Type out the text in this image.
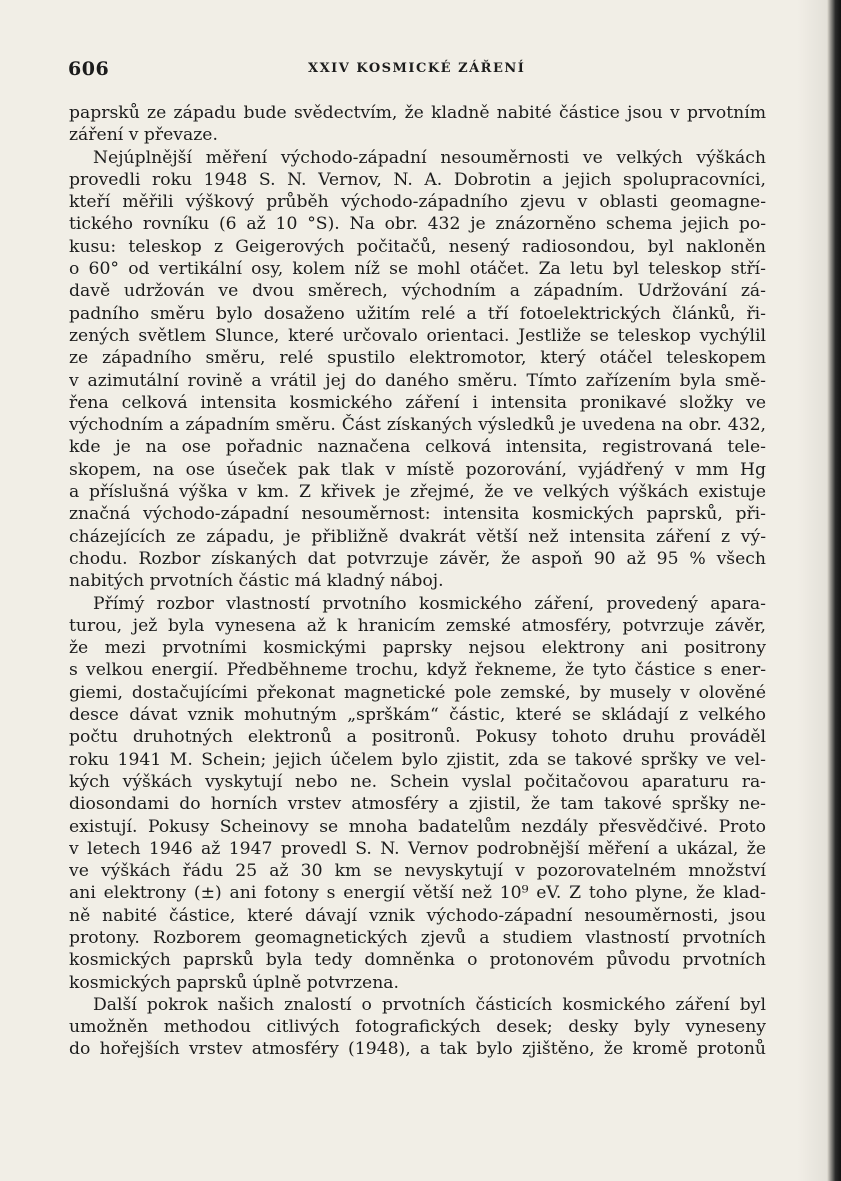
606	XXIV KOSMICKÉ ZÁŘENÍ
paprsků ze západu bude svědectvím, že kladně nabité částice jsou v prvotním
záření v převaze.
Nejúplnější měření východo-západní nesouměrnosti ve velkých výškách
provedli roku 1948 S. N. Vernov, N. A. Dobrotin a jejich spolupracovníci,
kteří měřili výškový průběh východo-západního zjevu v oblasti geomagne-
tického rovníku (6 až 10 °S). Na obr. 432 je znázorněno schema jejich po-
kusu: teleskop z Geigerových počitačů, nesený radiosondou, byl nakloněn
o 60° od vertikální osy, kolem níž se mohl otáčet. Za letu byl teleskop stří-
davě udržován ve dvou směrech, východním a západním. Udržování zá-
padního směru bylo dosaženo užitím relé a tří fotoelektrických článků, ři-
zených světlem Slunce, které určovalo orientaci. Jestliže se teleskop vychýlil
ze západního směru, relé spustilo elektromotor, který otáčel teleskopem
v azimutální rovině a vrátil jej do daného směru. Tímto zařízením byla smě-
řena celková intensita kosmického záření i intensita pronikavé složky ve
východním a západním směru. Část získaných výsledků je uvedena na obr. 432,
kde je na ose pořadnic naznačena celková intensita, registrovaná tele-
skopem, na ose úseček pak tlak v místě pozorování, vyjádřený v mm Hg
a příslušná výška v km. Z křivek je zřejmé, že ve velkých výškách existuje
značná východo-západní nesouměrnost: intensita kosmických paprsků, při-
cházejících ze západu, je přibližně dvakrát větší než intensita záření z vý-
chodu. Rozbor získaných dat potvrzuje závěr, že aspoň 90 až 95 % všech
nabitých prvotních částic má kladný náboj.
Přímý rozbor vlastností prvotního kosmického záření, provedený apara-
turou, jež byla vynesena až k hranicím zemské atmosféry, potvrzuje závěr,
že mezi prvotními kosmickými paprsky nejsou elektrony ani positrony
s velkou energií. Předběhneme trochu, když řekneme, že tyto částice s ener-
giemi, dostačujícími překonat magnetické pole zemské, by musely v olověné
desce dávat vznik mohutným „sprškám“ částic, které se skládají z velkého
počtu druhotných elektronů a positronů. Pokusy tohoto druhu prováděl
roku 1941 M. Schein; jejich účelem bylo zjistit, zda se takové spršky ve vel-
kých výškách vyskytují nebo ne. Schein vyslal počitačovou aparaturu ra-
diosondami do horních vrstev atmosféry a zjistil, že tam takové spršky ne-
existují. Pokusy Scheinovy se mnoha badatelům nezdály přesvědčivé. Proto
v letech 1946 až 1947 provedl S. N. Vernov podrobnější měření a ukázal, že
ve výškách řádu 25 až 30 km se nevyskytují v pozorovatelném množství
ani elektrony (±) ani fotony s energií větší než 10⁹ eV. Z toho plyne, že klad-
ně nabité částice, které dávají vznik východo-západní nesouměrnosti, jsou
protony. Rozborem geomagnetických zjevů a studiem vlastností prvotních
kosmických paprsků byla tedy domněnka o protonovém původu prvotních
kosmických paprsků úplně potvrzena.
Další pokrok našich znalostí o prvotních částicích kosmického záření byl
umožněn methodou citlivých fotografických desek; desky byly vyneseny
do hořejších vrstev atmosféry (1948), a tak bylo zjištěno, že kromě protonů
